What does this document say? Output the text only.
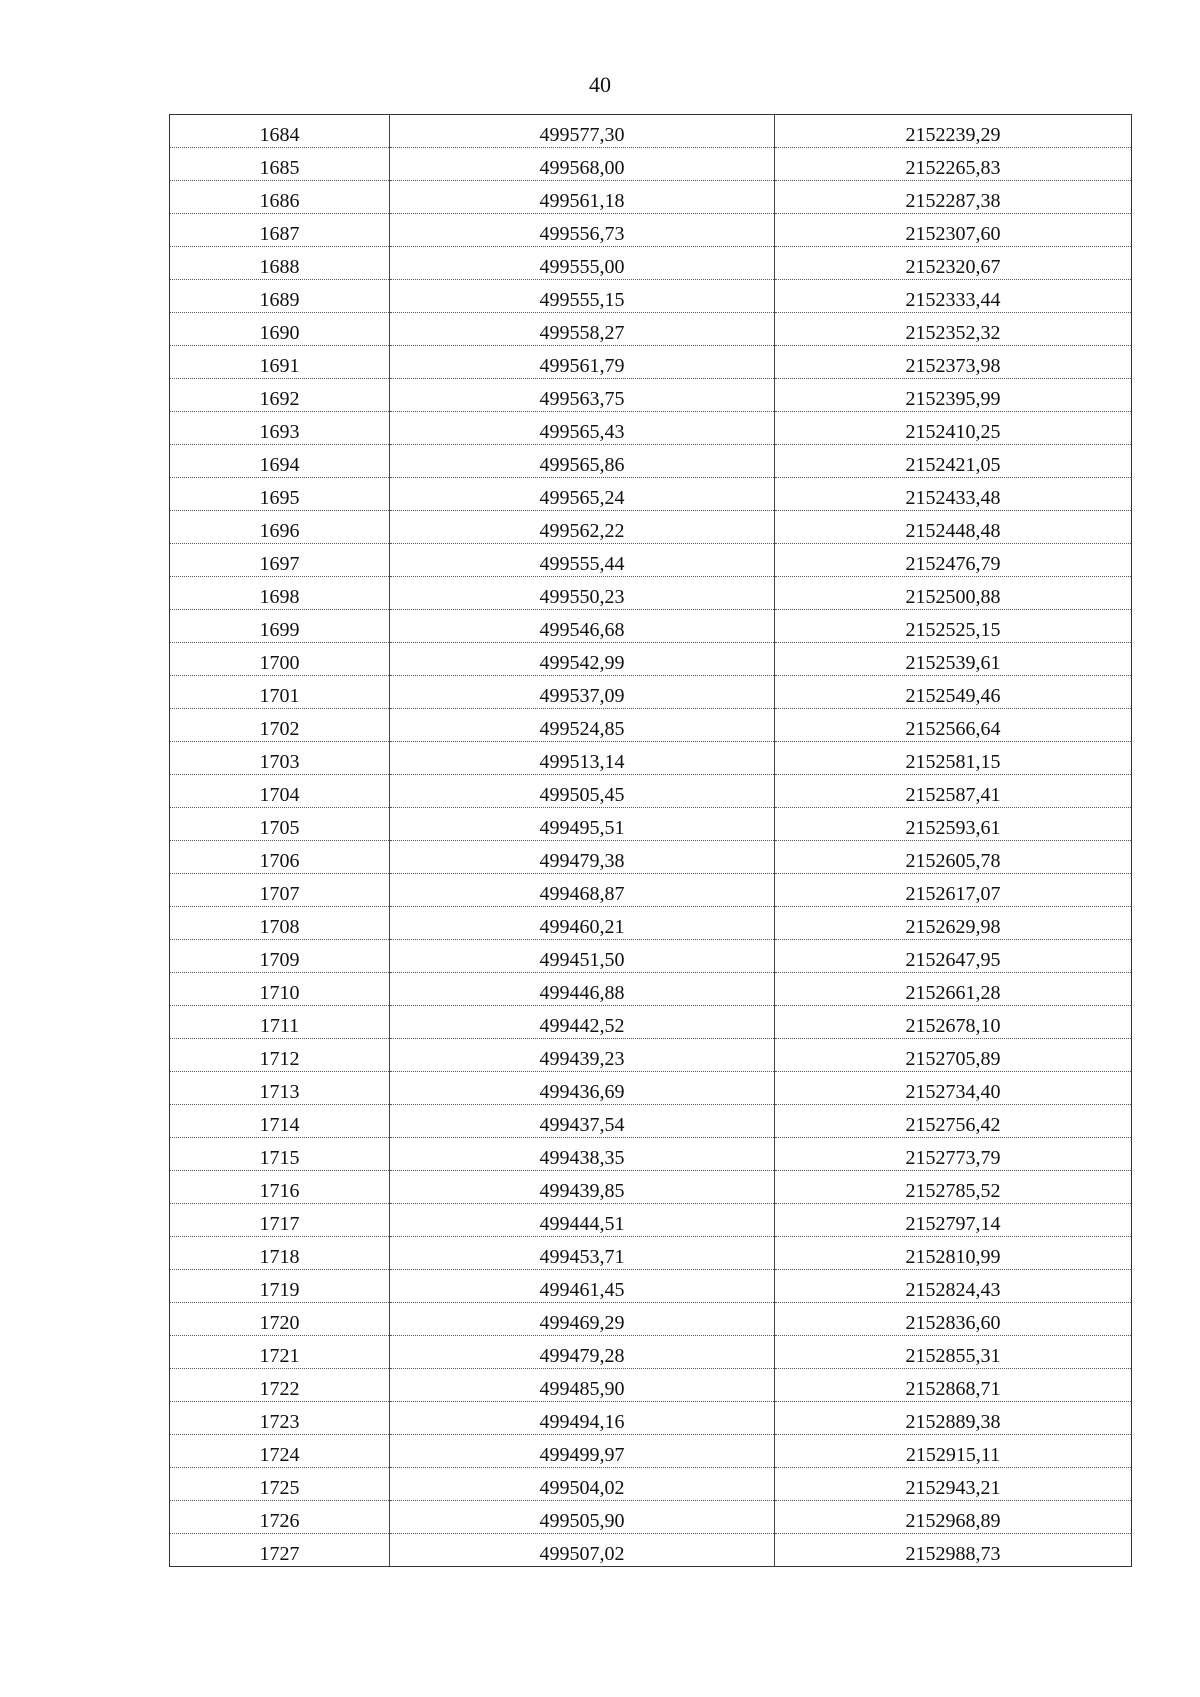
40
1684	499577,30	2152239,29
1685	499568,00	2152265,83
1686	499561,18	2152287,38
1687	499556,73	2152307,60
1688	499555,00	2152320,67
1689	499555,15	2152333,44
1690	499558,27	2152352,32
1691	499561,79	2152373,98
1692	499563,75	2152395,99
1693	499565,43	2152410,25
1694	499565,86	2152421,05
1695	499565,24	2152433,48
1696	499562,22	2152448,48
1697	499555,44	2152476,79
1698	499550,23	2152500,88
1699	499546,68	2152525,15
1700	499542,99	2152539,61
1701	499537,09	2152549,46
1702	499524,85	2152566,64
1703	499513,14	2152581,15
1704	499505,45	2152587,41
1705	499495,51	2152593,61
1706	499479,38	2152605,78
1707	499468,87	2152617,07
1708	499460,21	2152629,98
1709	499451,50	2152647,95
1710	499446,88	2152661,28
1711	499442,52	2152678,10
1712	499439,23	2152705,89
1713	499436,69	2152734,40
1714	499437,54	2152756,42
1715	499438,35	2152773,79
1716	499439,85	2152785,52
1717	499444,51	2152797,14
1718	499453,71	2152810,99
1719	499461,45	2152824,43
1720	499469,29	2152836,60
1721	499479,28	2152855,31
1722	499485,90	2152868,71
1723	499494,16	2152889,38
1724	499499,97	2152915,11
1725	499504,02	2152943,21
1726	499505,90	2152968,89
1727	499507,02	2152988,73
